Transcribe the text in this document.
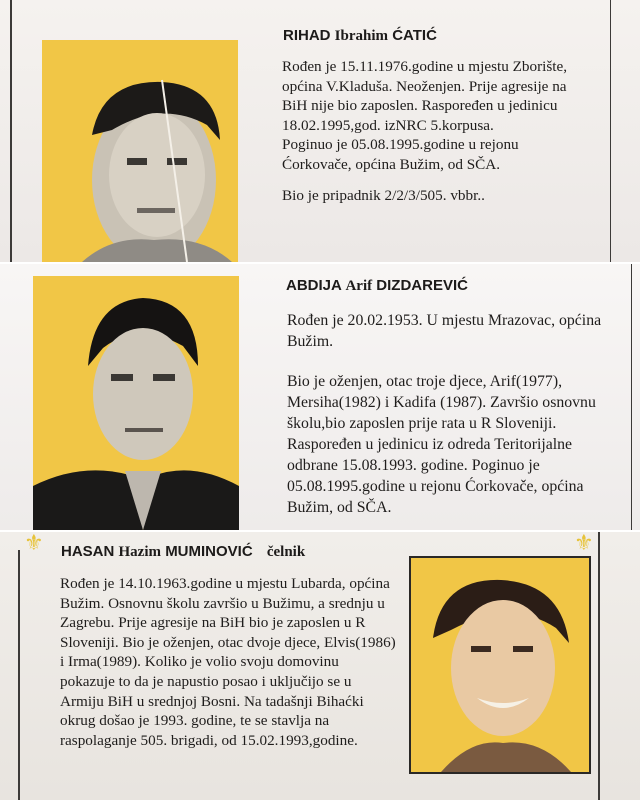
RIHAD Ibrahim ĆATIĆ

Rođen je 15.11.1976.godine u mjestu Zborište, općina V.Kladuša. Neoženjen. Prije agresije na BiH nije bio zaposlen. Raspoređen u jedinicu 18.02.1995,god. izNRC 5.korpusa.

Poginuo je 05.08.1995.godine u rejonu Ćorkovače, općina Bužim, od SČA.

Bio je pripadnik 2/2/3/505. vbbr..

ABDIJA Arif DIZDAREVIĆ

Rođen je 20.02.1953. U mjestu Mrazovac, općina Bužim.

Bio je oženjen, otac troje djece, Arif(1977), Mersiha(1982) i Kadifa (1987). Završio osnovnu školu,bio zaposlen prije rata u R Sloveniji. Raspoređen u jedinicu iz odreda Teritorijalne odbrane 15.08.1993. godine. Poginuo je 05.08.1995.godine u rejonu Ćorkovače, općina Bužim, od SČA.

⚜	⚜
HASAN Hazim MUMINOVIĆ čelnik

Rođen je 14.10.1963.godine u mjestu Lubarda, općina Bužim. Osnovnu školu završio u Bužimu, a srednju u Zagrebu. Prije agresije na BiH bio je zaposlen u R Sloveniji. Bio je oženjen, otac dvoje djece, Elvis(1986) i Irma(1989). Koliko je volio svoju domovinu pokazuje to da je napustio posao i uključijo se u Armiju BiH u srednjoj Bosni. Na tadašnji Bihaćki okrug došao je 1993. godine, te se stavlja na raspolaganje 505. brigadi, od 15.02.1993,godine.
